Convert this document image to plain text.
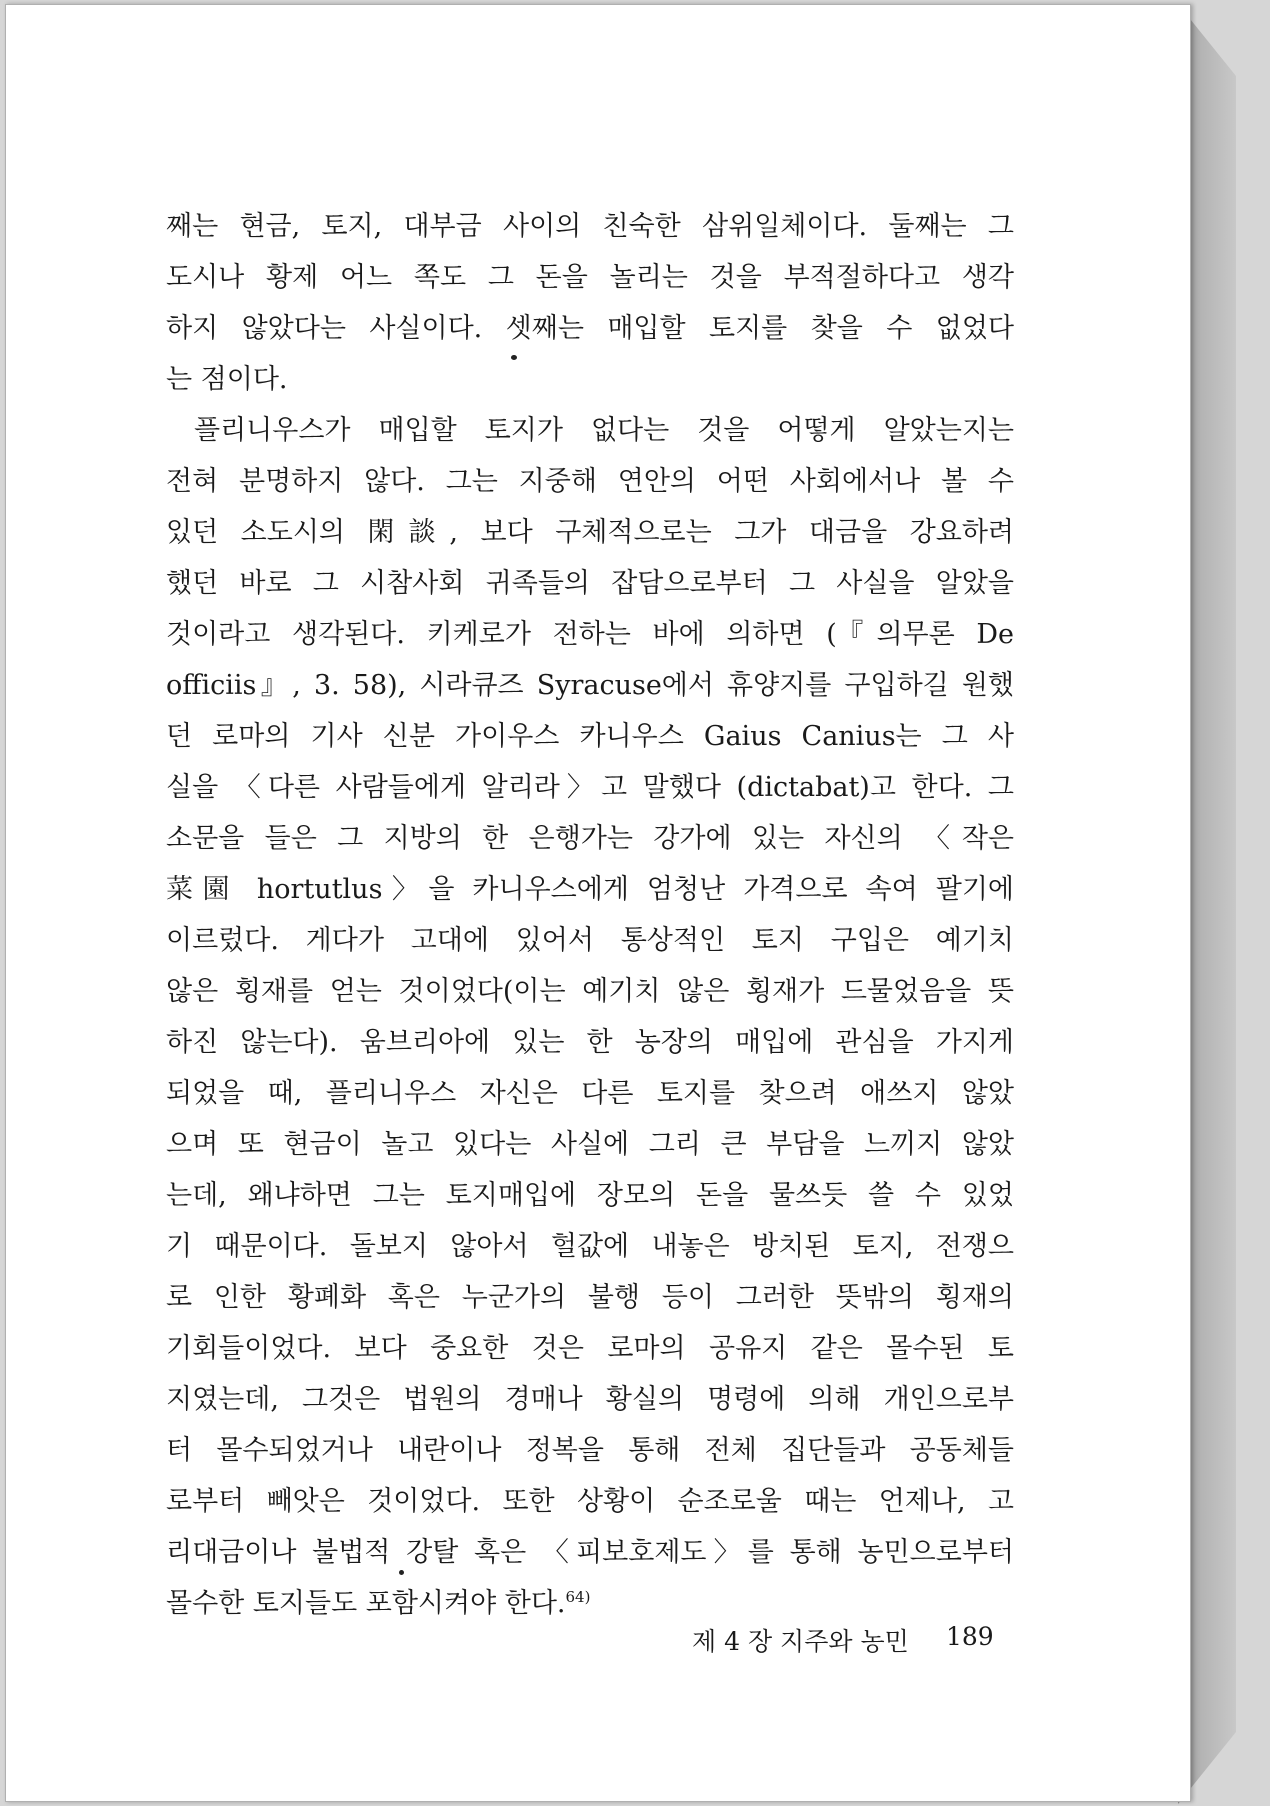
째는 현금, 토지, 대부금 사이의 친숙한 삼위일체이다. 둘째는 그
도시나 황제 어느 쪽도 그 돈을 놀리는 것을 부적절하다고 생각
하지 않았다는 사실이다. 셋째는 매입할 토지를 찾을 수 없었다
는 점이다.
플리니우스가 매입할 토지가 없다는 것을 어떻게 알았는지는
전혀 분명하지 않다. 그는 지중해 연안의 어떤 사회에서나 볼 수
있던 소도시의 閑談, 보다 구체적으로는 그가 대금을 강요하려
했던 바로 그 시참사회 귀족들의 잡담으로부터 그 사실을 알았을
것이라고 생각된다. 키케로가 전하는 바에 의하면 (『의무론 De
officiis』, 3. 58), 시라큐즈 Syracuse에서 휴양지를 구입하길 원했
던 로마의 기사 신분 가이우스 카니우스 Gaius Canius는 그 사
실을 〈다른 사람들에게 알리라〉고 말했다 (dictabat)고 한다. 그
소문을 들은 그 지방의 한 은행가는 강가에 있는 자신의 〈작은
菜園 hortutlus〉을 카니우스에게 엄청난 가격으로 속여 팔기에
이르렀다. 게다가 고대에 있어서 통상적인 토지 구입은 예기치
않은 횡재를 얻는 것이었다(이는 예기치 않은 횡재가 드물었음을 뜻
하진 않는다). 움브리아에 있는 한 농장의 매입에 관심을 가지게
되었을 때, 플리니우스 자신은 다른 토지를 찾으려 애쓰지 않았
으며 또 현금이 놀고 있다는 사실에 그리 큰 부담을 느끼지 않았
는데, 왜냐하면 그는 토지매입에 장모의 돈을 물쓰듯 쓸 수 있었
기 때문이다. 돌보지 않아서 헐값에 내놓은 방치된 토지, 전쟁으
로 인한 황폐화 혹은 누군가의 불행 등이 그러한 뜻밖의 횡재의
기회들이었다. 보다 중요한 것은 로마의 공유지 같은 몰수된 토
지였는데, 그것은 법원의 경매나 황실의 명령에 의해 개인으로부
터 몰수되었거나 내란이나 정복을 통해 전체 집단들과 공동체들
로부터 빼앗은 것이었다. 또한 상황이 순조로울 때는 언제나, 고
리대금이나 불법적 강탈 혹은 〈피보호제도〉를 통해 농민으로부터
몰수한 토지들도 포함시켜야 한다.$^{64)}$
제 4 장 지주와 농민 189
